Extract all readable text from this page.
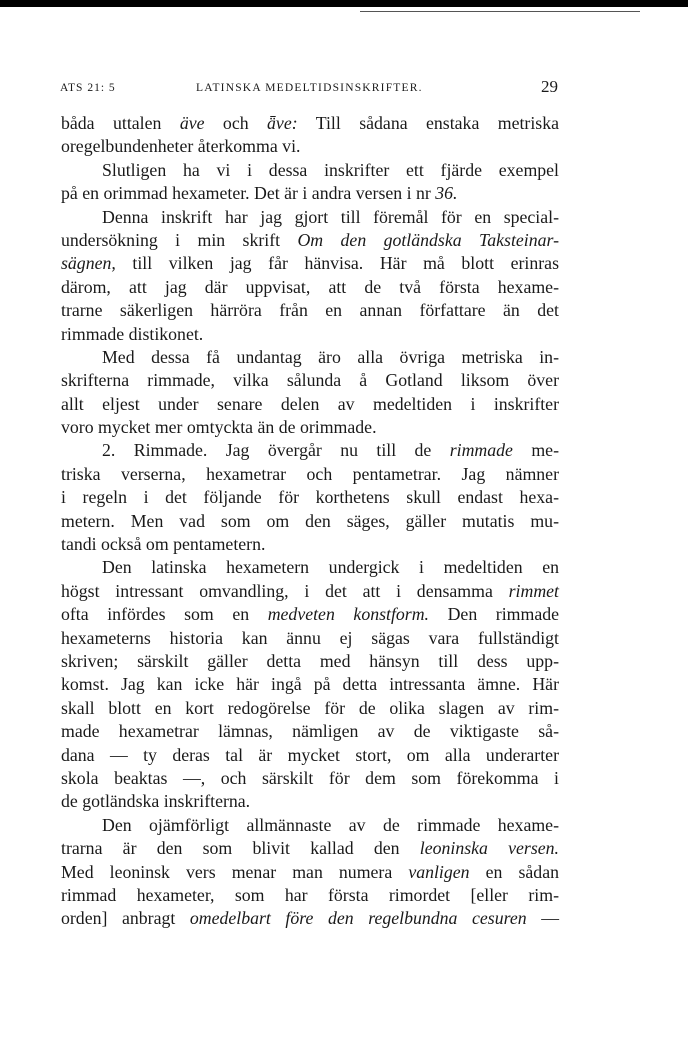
ATS 21: 5	LATINSKA MEDELTIDSINSKRIFTER.	29
båda uttalen äve och ǟve: Till sådana enstaka metriska
oregelbundenheter återkomma vi.
Slutligen ha vi i dessa inskrifter ett fjärde exempel
på en orimmad hexameter. Det är i andra versen i nr 36.
Denna inskrift har jag gjort till föremål för en special-
undersökning i min skrift Om den gotländska Taksteinar-
sägnen, till vilken jag får hänvisa. Här må blott erinras
därom, att jag där uppvisat, att de två första hexame-
trarne säkerligen härröra från en annan författare än det
rimmade distikonet.
Med dessa få undantag äro alla övriga metriska in-
skrifterna rimmade, vilka sålunda å Gotland liksom över
allt eljest under senare delen av medeltiden i inskrifter
voro mycket mer omtyckta än de orimmade.
2. Rimmade. Jag övergår nu till de rimmade me-
triska verserna, hexametrar och pentametrar. Jag nämner
i regeln i det följande för korthetens skull endast hexa-
metern. Men vad som om den säges, gäller mutatis mu-
tandi också om pentametern.
Den latinska hexametern undergick i medeltiden en
högst intressant omvandling, i det att i densamma rimmet
ofta infördes som en medveten konstform. Den rimmade
hexameterns historia kan ännu ej sägas vara fullständigt
skriven; särskilt gäller detta med hänsyn till dess upp-
komst. Jag kan icke här ingå på detta intressanta ämne. Här
skall blott en kort redogörelse för de olika slagen av rim-
made hexametrar lämnas, nämligen av de viktigaste så-
dana — ty deras tal är mycket stort, om alla underarter
skola beaktas —, och särskilt för dem som förekomma i
de gotländska inskrifterna.
Den ojämförligt allmännaste av de rimmade hexame-
trarna är den som blivit kallad den leoninska versen.
Med leoninsk vers menar man numera vanligen en sådan
rimmad hexameter, som har första rimordet [eller rim-
orden] anbragt omedelbart före den regelbundna cesuren —
